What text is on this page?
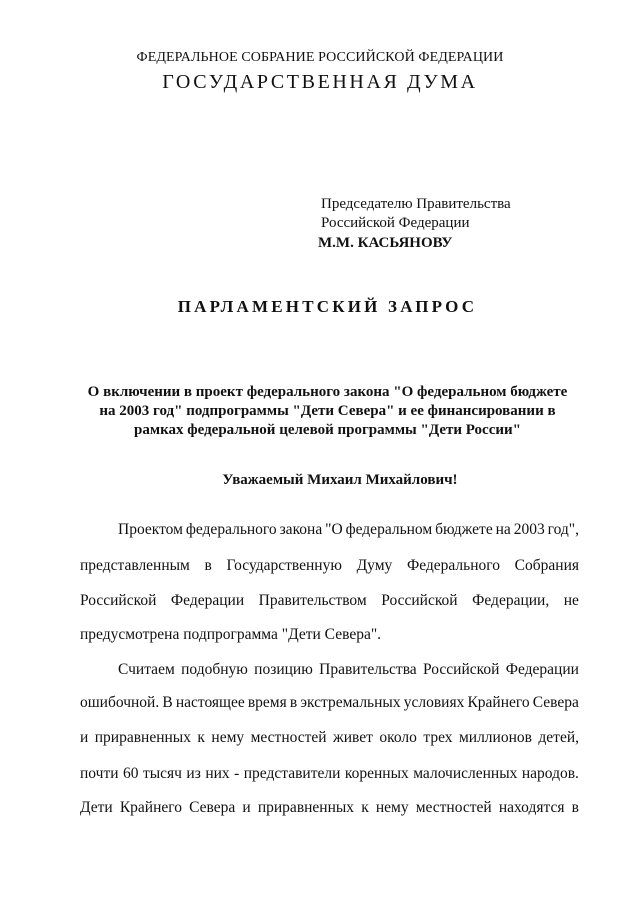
ФЕДЕРАЛЬНОЕ СОБРАНИЕ РОССИЙСКОЙ ФЕДЕРАЦИИ
ГОСУДАРСТВЕННАЯ ДУМА
Председателю Правительства
Российской Федерации
М.М. КАСЬЯНОВУ
ПАРЛАМЕНТСКИЙ ЗАПРОС
О включении в проект федерального закона "О федеральном бюджете
на 2003 год" подпрограммы "Дети Севера" и ее финансировании в
рамках федеральной целевой программы "Дети России"
Уважаемый Михаил Михайлович!
Проектом федерального закона "О федеральном бюджете на 2003 год",
представленным в Государственную Думу Федерального Собрания
Российской Федерации Правительством Российской Федерации, не
предусмотрена подпрограмма "Дети Севера".
Считаем подобную позицию Правительства Российской Федерации
ошибочной. В настоящее время в экстремальных условиях Крайнего Севера
и приравненных к нему местностей живет около трех миллионов детей,
почти 60 тысяч из них - представители коренных малочисленных народов.
Дети Крайнего Севера и приравненных к нему местностей находятся в
